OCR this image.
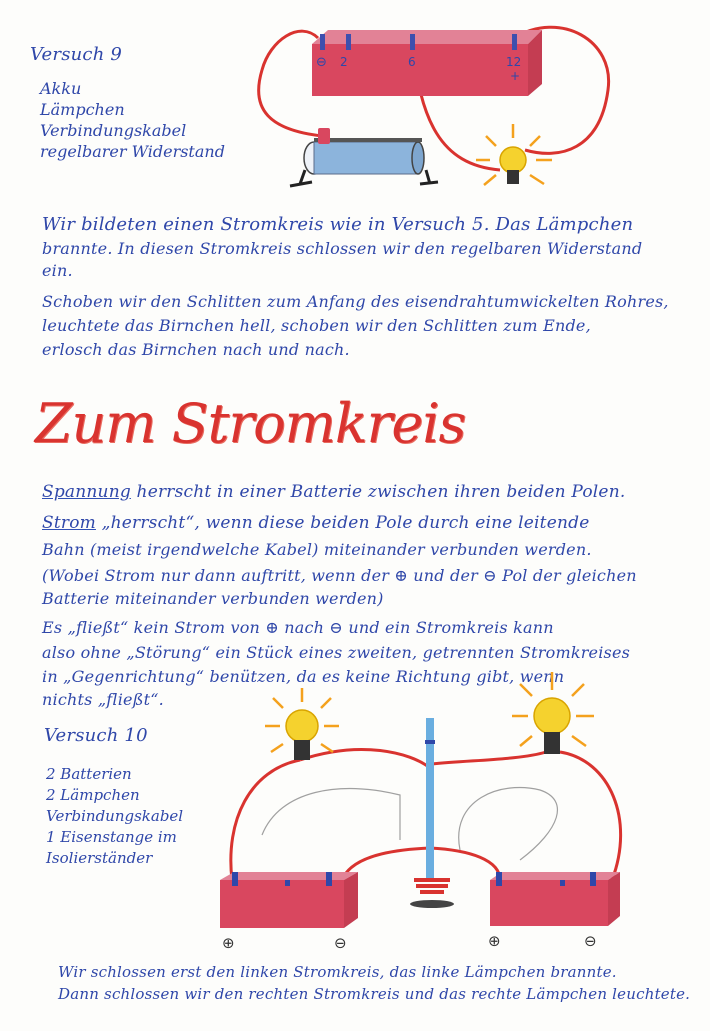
Versuch 9
Akku
Lämpchen
Verbindungskabel
regelbarer Widerstand
⊖ 2	6	12
+
Wir bildeten einen Stromkreis wie in Versuch 5. Das Lämpchen
brannte. In diesen Stromkreis schlossen wir den regelbaren Widerstand
ein.
Schoben wir den Schlitten zum Anfang des eisendrahtumwickelten Rohres,
leuchtete das Birnchen hell, schoben wir den Schlitten zum Ende,
erlosch das Birnchen nach und nach.
Zum Stromkreis
Spannung herrscht in einer Batterie zwischen ihren beiden Polen.
Strom „herrscht“, wenn diese beiden Pole durch eine leitende
Bahn (meist irgendwelche Kabel) miteinander verbunden werden.
(Wobei Strom nur dann auftritt, wenn der ⊕ und der ⊖ Pol der gleichen
Batterie miteinander verbunden werden)
Es „fließt“ kein Strom von ⊕ nach ⊖ und ein Stromkreis kann
also ohne „Störung“ ein Stück eines zweiten, getrennten Stromkreises
in „Gegenrichtung“ benützen, da es keine Richtung gibt, wenn
nichts „fließt“.
Versuch 10
2 Batterien
2 Lämpchen
Verbindungskabel
1 Eisenstange im
Isolierständer
⊕	⊖	⊕	⊖
Wir schlossen erst den linken Stromkreis, das linke Lämpchen brannte.
Dann schlossen wir den rechten Stromkreis und das rechte Lämpchen leuchtete.
